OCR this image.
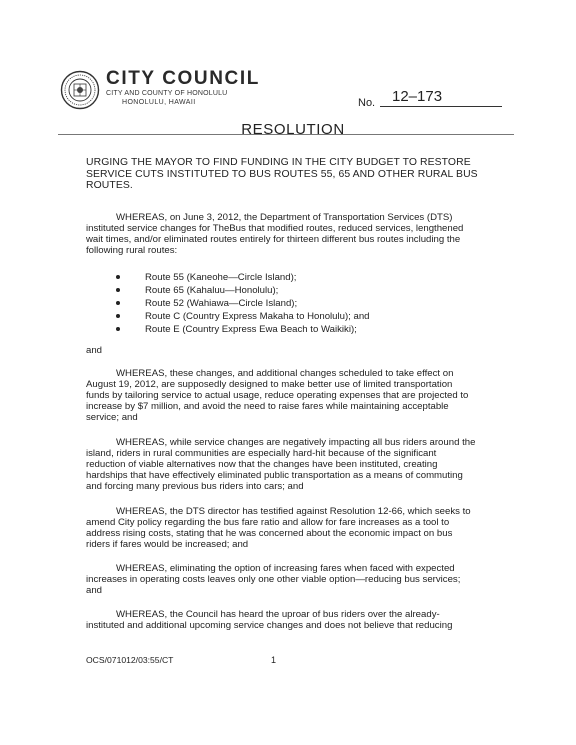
CITY COUNCIL
CITY AND COUNTY OF HONOLULU
HONOLULU, HAWAII	No.	12–173
RESOLUTION
URGING THE MAYOR TO FIND FUNDING IN THE CITY BUDGET TO RESTORE SERVICE CUTS INSTITUTED TO BUS ROUTES 55, 65 AND OTHER RURAL BUS ROUTES.
WHEREAS, on June 3, 2012, the Department of Transportation Services (DTS) instituted service changes for TheBus that modified routes, reduced services, lengthened wait times, and/or eliminated routes entirely for thirteen different bus routes including the following rural routes:
Route 55 (Kaneohe—Circle Island);
Route 65 (Kahaluu—Honolulu);
Route 52 (Wahiawa—Circle Island);
Route C (Country Express Makaha to Honolulu); and
Route E (Country Express Ewa Beach to Waikiki);
and
WHEREAS, these changes, and additional changes scheduled to take effect on August 19, 2012, are supposedly designed to make better use of limited transportation funds by tailoring service to actual usage, reduce operating expenses that are projected to increase by $7 million, and avoid the need to raise fares while maintaining acceptable service; and
WHEREAS, while service changes are negatively impacting all bus riders around the island, riders in rural communities are especially hard-hit because of the significant reduction of viable alternatives now that the changes have been instituted, creating hardships that have effectively eliminated public transportation as a means of commuting and forcing many previous bus riders into cars; and
WHEREAS, the DTS director has testified against Resolution 12-66, which seeks to amend City policy regarding the bus fare ratio and allow for fare increases as a tool to address rising costs, stating that he was concerned about the economic impact on bus riders if fares would be increased; and
WHEREAS, eliminating the option of increasing fares when faced with expected increases in operating costs leaves only one other viable option—reducing bus services; and
WHEREAS, the Council has heard the uproar of bus riders over the already-instituted and additional upcoming service changes and does not believe that reducing
OCS/071012/03:55/CT	1
